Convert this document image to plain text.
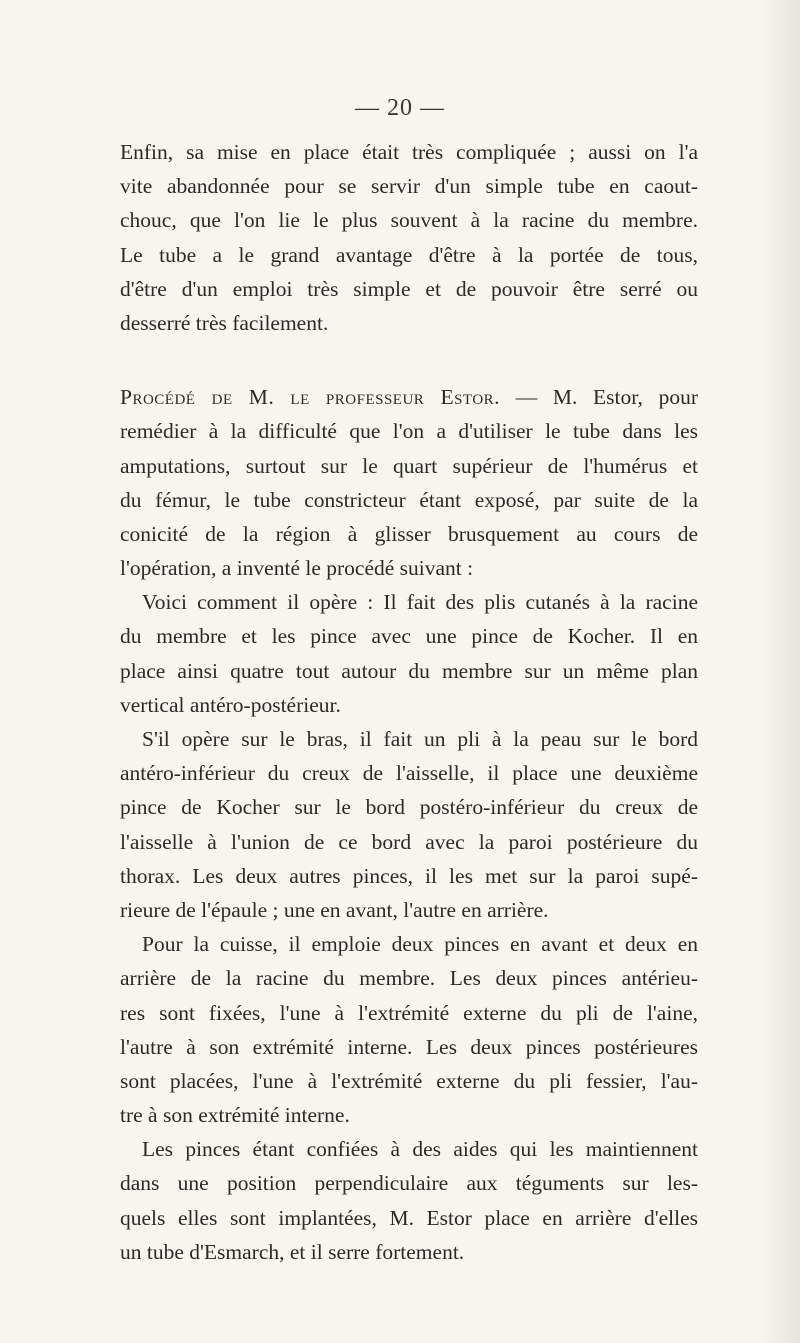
— 20 —
Enfin, sa mise en place était très compliquée ; aussi on l'a
vite abandonnée pour se servir d'un simple tube en caout-
chouc, que l'on lie le plus souvent à la racine du membre.
Le tube a le grand avantage d'être à la portée de tous,
d'être d'un emploi très simple et de pouvoir être serré ou
desserré très facilement.
Procédé de M. le professeur Estor. — M. Estor, pour
remédier à la difficulté que l'on a d'utiliser le tube dans les
amputations, surtout sur le quart supérieur de l'humérus et
du fémur, le tube constricteur étant exposé, par suite de la
conicité de la région à glisser brusquement au cours de
l'opération, a inventé le procédé suivant :
Voici comment il opère : Il fait des plis cutanés à la racine
du membre et les pince avec une pince de Kocher. Il en
place ainsi quatre tout autour du membre sur un même plan
vertical antéro-postérieur.
S'il opère sur le bras, il fait un pli à la peau sur le bord
antéro-inférieur du creux de l'aisselle, il place une deuxième
pince de Kocher sur le bord postéro-inférieur du creux de
l'aisselle à l'union de ce bord avec la paroi postérieure du
thorax. Les deux autres pinces, il les met sur la paroi supé-
rieure de l'épaule ; une en avant, l'autre en arrière.
Pour la cuisse, il emploie deux pinces en avant et deux en
arrière de la racine du membre. Les deux pinces antérieu-
res sont fixées, l'une à l'extrémité externe du pli de l'aine,
l'autre à son extrémité interne. Les deux pinces postérieures
sont placées, l'une à l'extrémité externe du pli fessier, l'au-
tre à son extrémité interne.
Les pinces étant confiées à des aides qui les maintiennent
dans une position perpendiculaire aux téguments sur les-
quels elles sont implantées, M. Estor place en arrière d'elles
un tube d'Esmarch, et il serre fortement.
